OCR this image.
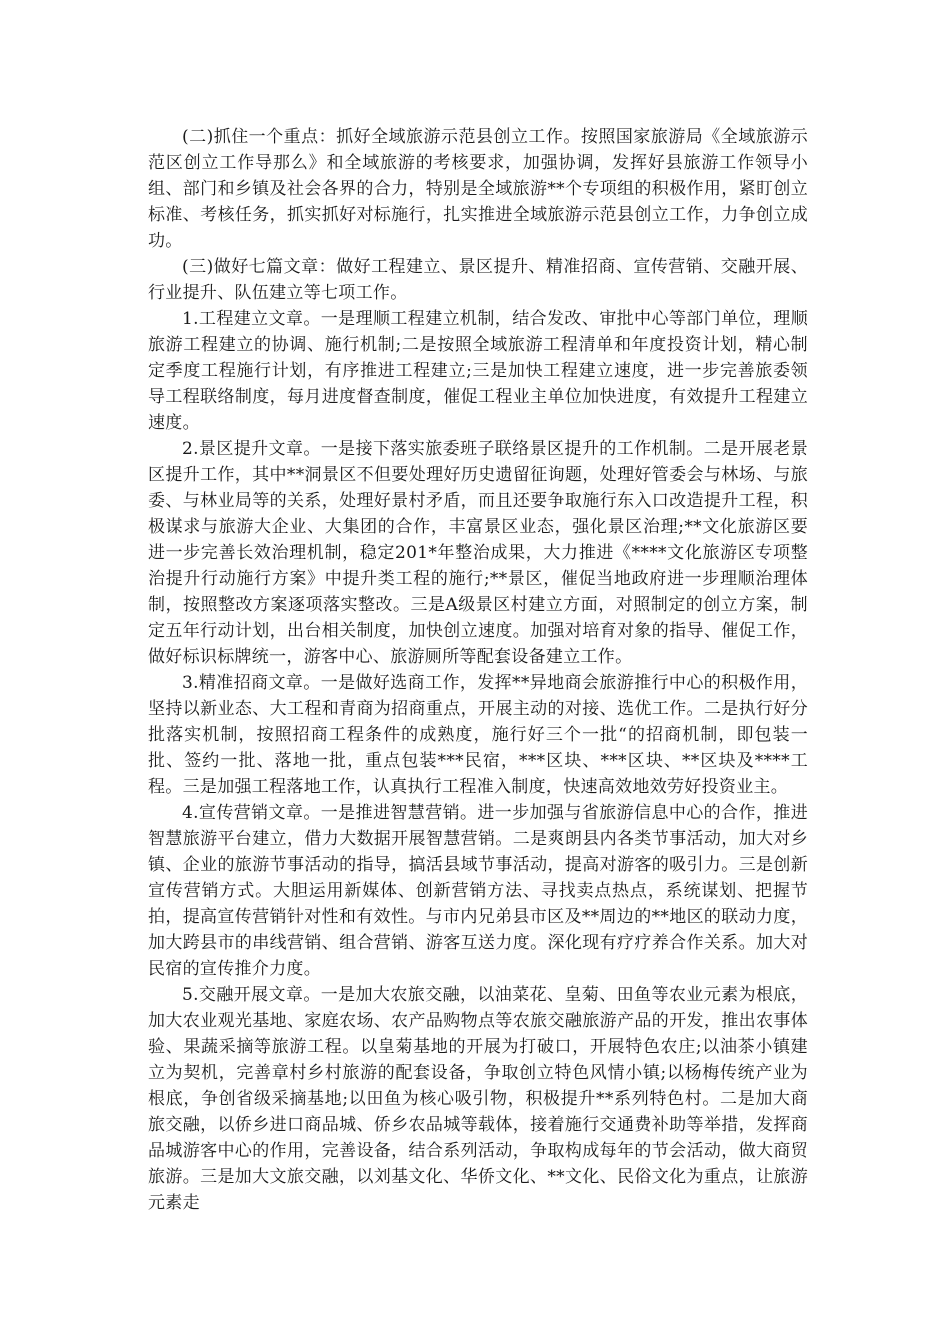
(二)抓住一个重点：抓好全域旅游示范县创立工作。按照国家旅游局《全域旅游示范区创立工作导那么》和全域旅游的考核要求，加强协调，发挥好县旅游工作领导小组、部门和乡镇及社会各界的合力，特别是全域旅游**个专项组的积极作用，紧盯创立标准、考核任务，抓实抓好对标施行，扎实推进全域旅游示范县创立工作，力争创立成功。

(三)做好七篇文章：做好工程建立、景区提升、精准招商、宣传营销、交融开展、行业提升、队伍建立等七项工作。

1.工程建立文章。一是理顺工程建立机制，结合发改、审批中心等部门单位，理顺旅游工程建立的协调、施行机制;二是按照全域旅游工程清单和年度投资计划，精心制定季度工程施行计划，有序推进工程建立;三是加快工程建立速度，进一步完善旅委领导工程联络制度，每月进度督查制度，催促工程业主单位加快进度，有效提升工程建立速度。

2.景区提升文章。一是接下落实旅委班子联络景区提升的工作机制。二是开展老景区提升工作，其中**洞景区不但要处理好历史遗留征询题，处理好管委会与林场、与旅委、与林业局等的关系，处理好景村矛盾，而且还要争取施行东入口改造提升工程，积极谋求与旅游大企业、大集团的合作，丰富景区业态，强化景区治理;**文化旅游区要进一步完善长效治理机制，稳定201*年整治成果，大力推进《****文化旅游区专项整治提升行动施行方案》中提升类工程的施行;**景区，催促当地政府进一步理顺治理体制，按照整改方案逐项落实整改。三是A级景区村建立方面，对照制定的创立方案，制定五年行动计划，出台相关制度，加快创立速度。加强对培育对象的指导、催促工作，做好标识标牌统一，游客中心、旅游厕所等配套设备建立工作。

3.精准招商文章。一是做好选商工作，发挥**异地商会旅游推行中心的积极作用，坚持以新业态、大工程和青商为招商重点，开展主动的对接、选优工作。二是执行好分批落实机制，按照招商工程条件的成熟度，施行好三个一批“的招商机制，即包装一批、签约一批、落地一批，重点包装***民宿，***区块、***区块、**区块及****工程。三是加强工程落地工作，认真执行工程准入制度，快速高效地效劳好投资业主。

4.宣传营销文章。一是推进智慧营销。进一步加强与省旅游信息中心的合作，推进智慧旅游平台建立，借力大数据开展智慧营销。二是爽朗县内各类节事活动，加大对乡镇、企业的旅游节事活动的指导，搞活县域节事活动，提高对游客的吸引力。三是创新宣传营销方式。大胆运用新媒体、创新营销方法、寻找卖点热点，系统谋划、把握节拍，提高宣传营销针对性和有效性。与市内兄弟县市区及**周边的**地区的联动力度，加大跨县市的串线营销、组合营销、游客互送力度。深化现有疗疗养合作关系。加大对民宿的宣传推介力度。

5.交融开展文章。一是加大农旅交融，以油菜花、皇菊、田鱼等农业元素为根底，加大农业观光基地、家庭农场、农产品购物点等农旅交融旅游产品的开发，推出农事体验、果蔬采摘等旅游工程。以皇菊基地的开展为打破口，开展特色农庄;以油茶小镇建立为契机，完善章村乡村旅游的配套设备，争取创立特色风情小镇;以杨梅传统产业为根底，争创省级采摘基地;以田鱼为核心吸引物，积极提升**系列特色村。二是加大商旅交融，以侨乡进口商品城、侨乡农品城等载体，接着施行交通费补助等举措，发挥商品城游客中心的作用，完善设备，结合系列活动，争取构成每年的节会活动，做大商贸旅游。三是加大文旅交融，以刘基文化、华侨文化、**文化、民俗文化为重点，让旅游元素走
